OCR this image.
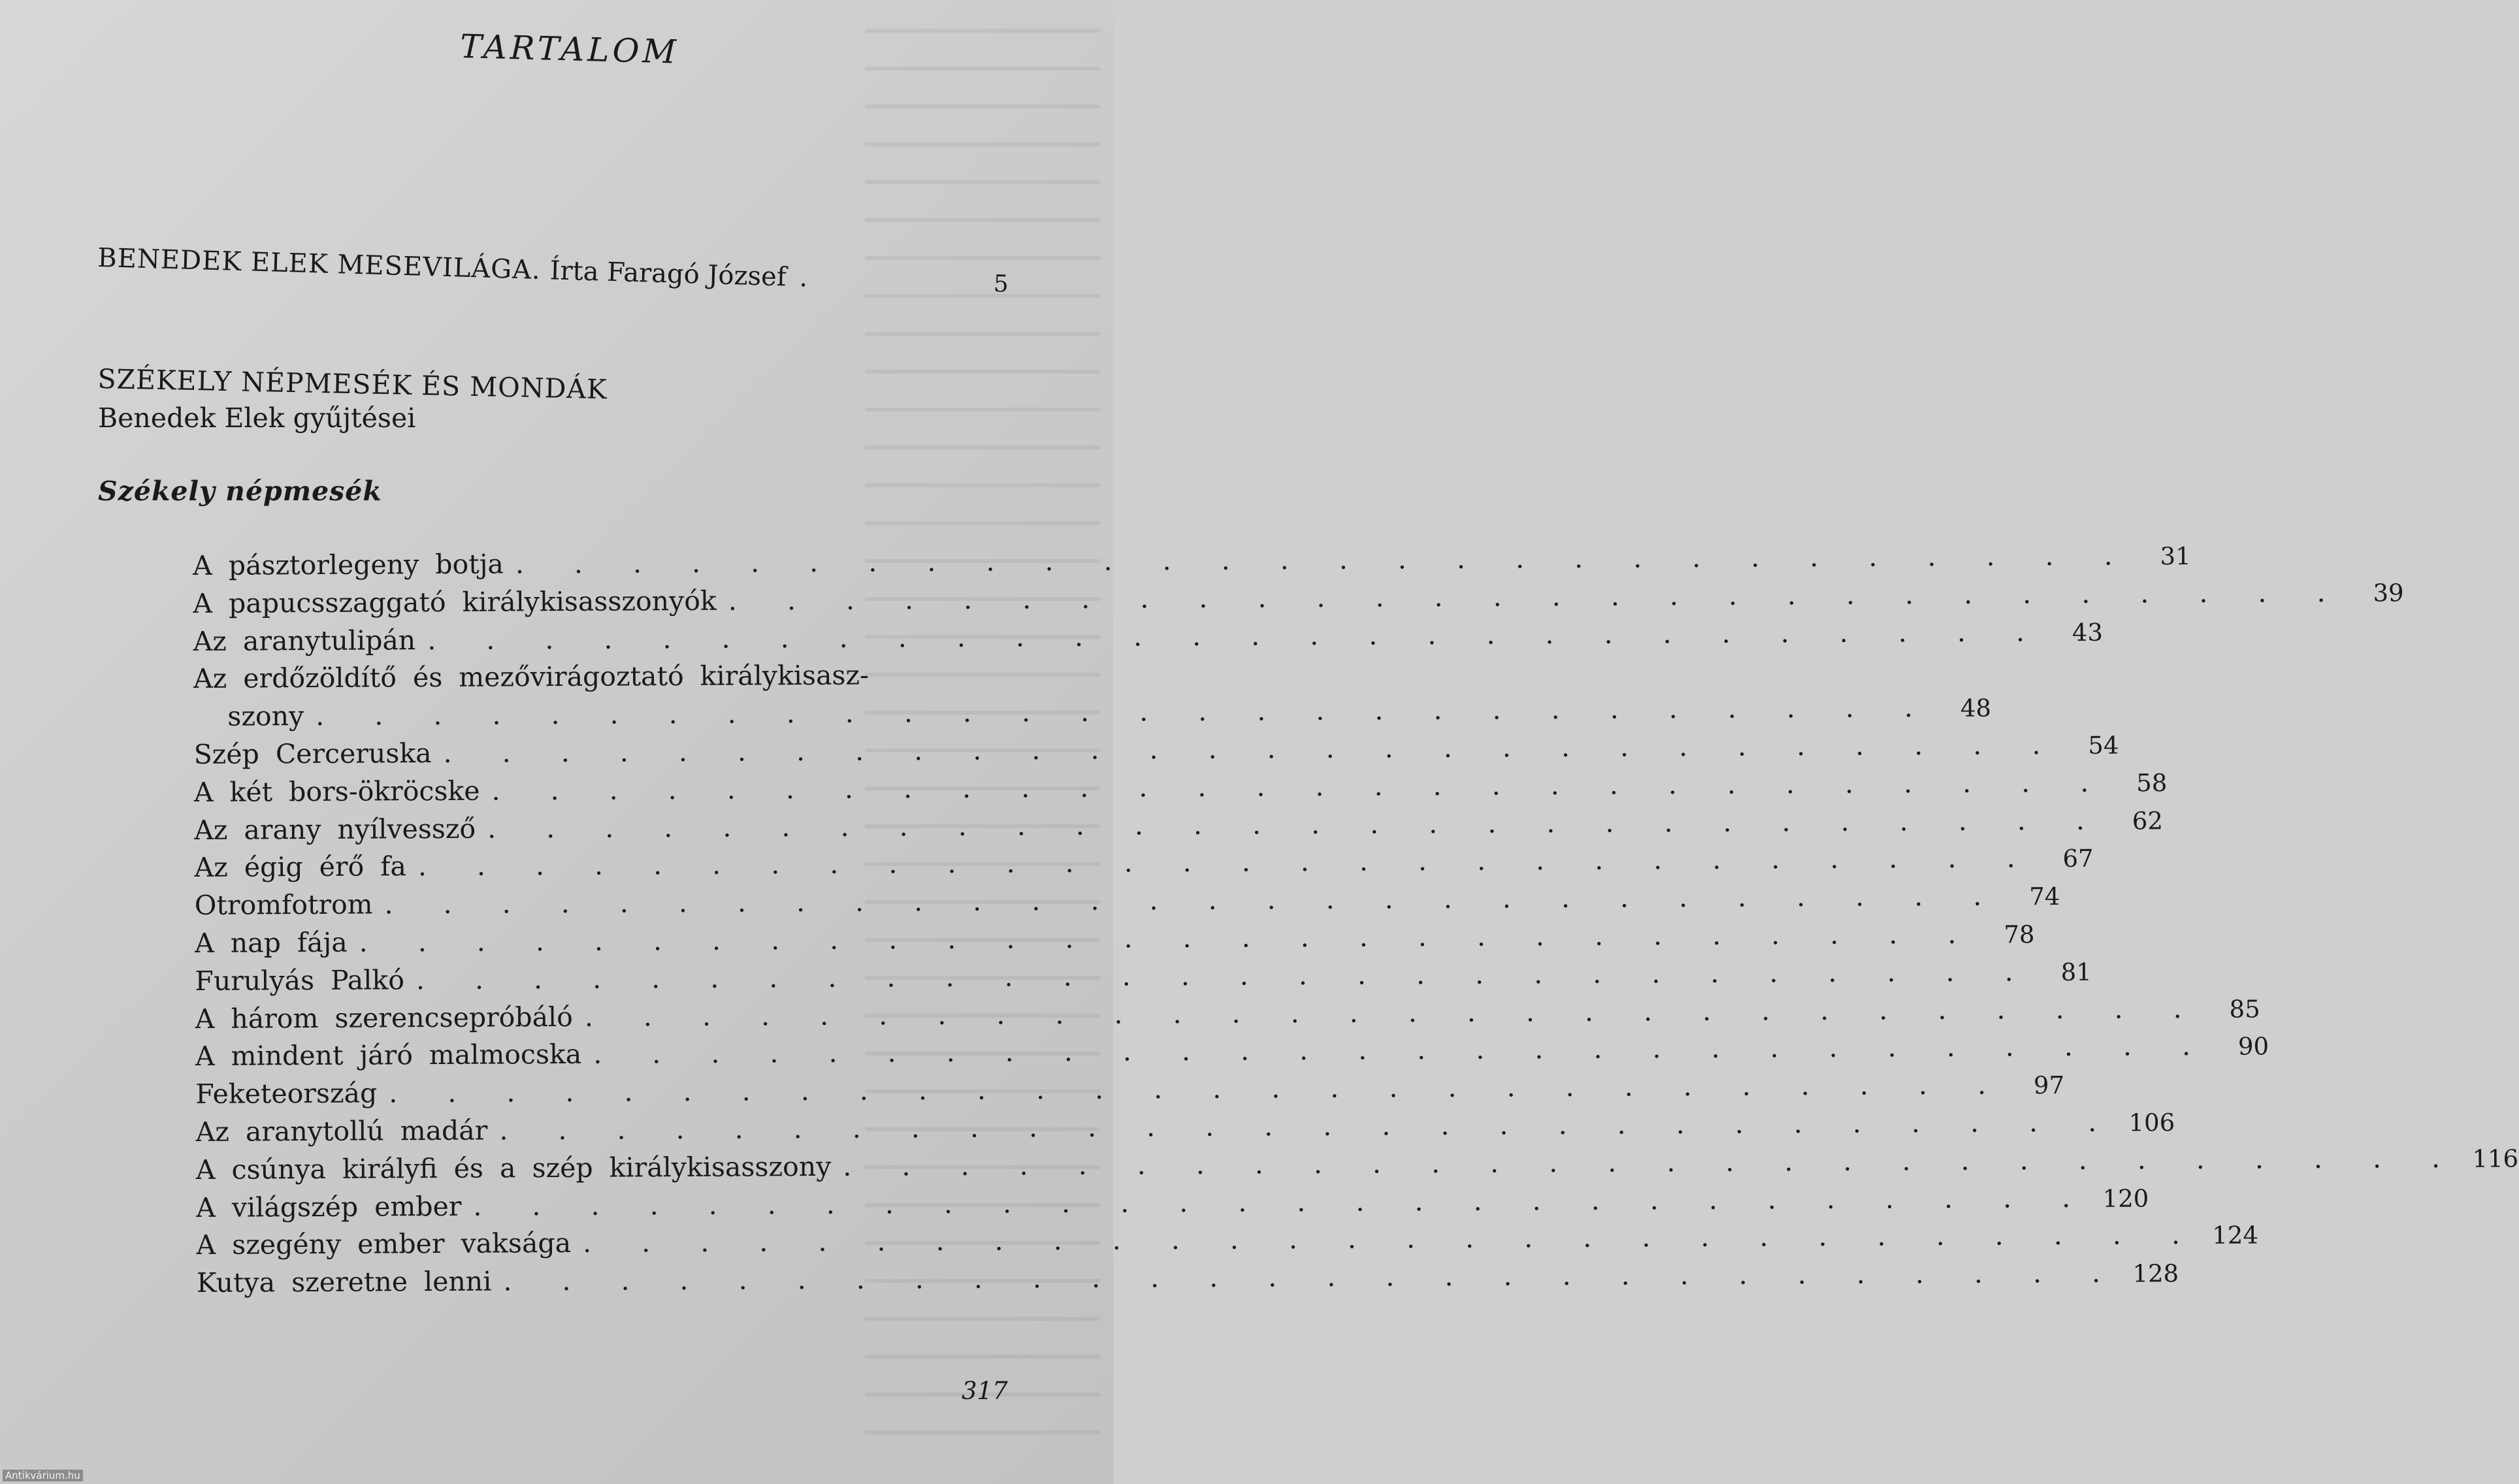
TARTALOM
BENEDEK ELEK MESEVILÁGA. Írta Faragó József .	5
SZÉKELY NÉPMESÉK ÉS MONDÁK
Benedek Elek gyűjtései
Székely népmesék
A pásztorlegeny botja . . . . . . . . . . . . . . . . . . . . . . . . . . . .	31
A papucsszaggató királykisasszonyók . . . . . . . . . . . . . . . . . . . . . . . . . . . .	39
Az aranytulipán . . . . . . . . . . . . . . . . . . . . . . . . . . . .	43
Az erdőzöldítő és mezővirágoztató királykisasz-
szony . . . . . . . . . . . . . . . . . . . . . . . . . . . .	48
Szép Cerceruska . . . . . . . . . . . . . . . . . . . . . . . . . . . .	54
A két bors-ökröcske . . . . . . . . . . . . . . . . . . . . . . . . . . . .	58
Az arany nyílvessző . . . . . . . . . . . . . . . . . . . . . . . . . . . .	62
Az égig érő fa . . . . . . . . . . . . . . . . . . . . . . . . . . . .	67
Otromfotrom . . . . . . . . . . . . . . . . . . . . . . . . . . . .	74
A nap fája . . . . . . . . . . . . . . . . . . . . . . . . . . . .	78
Furulyás Palkó . . . . . . . . . . . . . . . . . . . . . . . . . . . .	81
A három szerencsepróbáló . . . . . . . . . . . . . . . . . . . . . . . . . . . .	85
A mindent járó malmocska . . . . . . . . . . . . . . . . . . . . . . . . . . . .	90
Feketeország . . . . . . . . . . . . . . . . . . . . . . . . . . . .	97
Az aranytollú madár . . . . . . . . . . . . . . . . . . . . . . . . . . . . 106
A csúnya királyfi és a szép királykisasszony . . . . . . . . . . . . . . . . . . . . . . . . . . . . 116
A világszép ember . . . . . . . . . . . . . . . . . . . . . . . . . . . . 120
A szegény ember vaksága . . . . . . . . . . . . . . . . . . . . . . . . . . . . 124
Kutya szeretne lenni . . . . . . . . . . . . . . . . . . . . . . . . . . . . 128
317
Antikvárium.hu
